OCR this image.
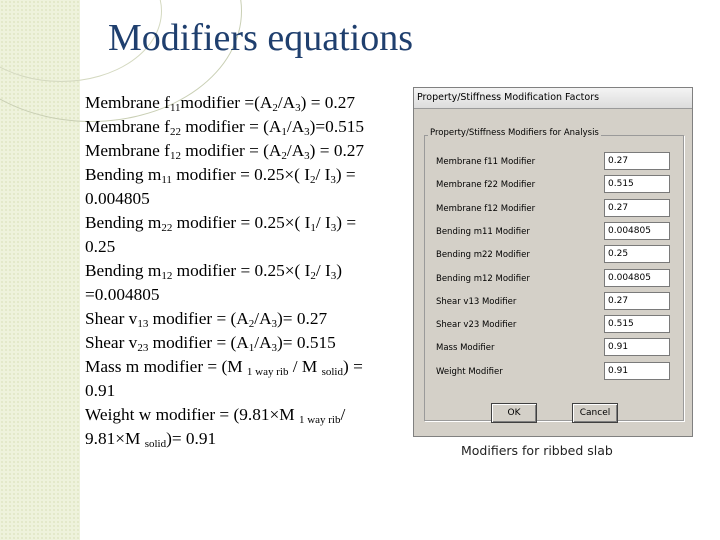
Modifiers equations
Membrane $f_{11}modifier =(A_2/A_3) = 0.27$
Membrane $f_{22}$ modifier = $(A_1/A_3)=0.515$
Membrane $f_{12}$ modifier = $(A_2/A_3) = 0.27$
Bending $m_{11}$ modifier = 0.25×( $I_2/$ $I_3$) =
0.004805
Bending $m_{22}$ modifier = 0.25×( $I_1/$ $I_3$) =
0.25
Bending $m_{12}$ modifier = 0.25×( $I_2/$ $I_3$)
=0.004805
Shear $v_{13}$ modifier = $(A_2/A_3)= 0.27$
Shear $v_{23}$ modifier = $(A_1/A_3)= 0.515$
Mass m modifier = (M $_{1 way rib}$ / M $_{solid}$) =
0.91
Weight w modifier = (9.81×M $_{1 way rib}$/
9.81×M $_{solid}$)= 0.91
Property/Stiffness Modification Factors
Property/Stiffness Modifiers for Analysis
Membrane f11 Modifier	0.27
Membrane f22 Modifier	0.515
Membrane f12 Modifier	0.27
Bending m11 Modifier	0.004805
Bending m22 Modifier	0.25
Bending m12 Modifier	0.004805
Shear v13 Modifier	0.27
Shear v23 Modifier	0.515
Mass Modifier	0.91
Weight Modifier	0.91
OK	Cancel
Modifiers for ribbed slab
